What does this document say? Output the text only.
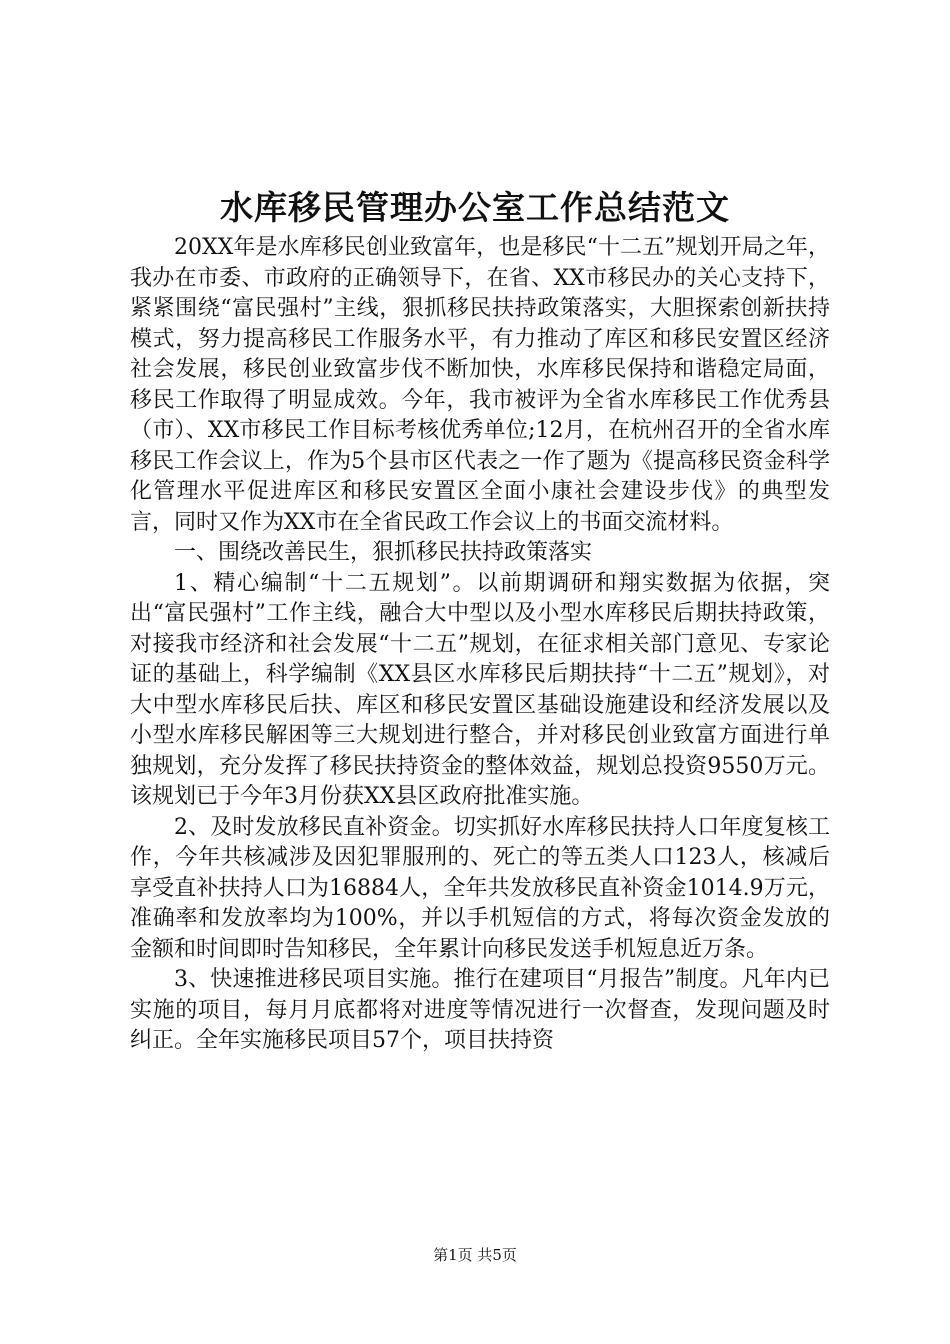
水库移民管理办公室工作总结范文

20XX年是水库移民创业致富年，也是移民“十二五”规划开局之年，我办在市委、市政府的正确领导下，在省、XX市移民办的关心支持下，紧紧围绕“富民强村”主线，狠抓移民扶持政策落实，大胆探索创新扶持模式，努力提高移民工作服务水平，有力推动了库区和移民安置区经济社会发展，移民创业致富步伐不断加快，水库移民保持和谐稳定局面，移民工作取得了明显成效。今年，我市被评为全省水库移民工作优秀县（市）、XX市移民工作目标考核优秀单位;12月，在杭州召开的全省水库移民工作会议上，作为5个县市区代表之一作了题为《提高移民资金科学化管理水平促进库区和移民安置区全面小康社会建设步伐》的典型发言，同时又作为XX市在全省民政工作会议上的书面交流材料。

一、围绕改善民生，狠抓移民扶持政策落实

1、精心编制“十二五规划”。以前期调研和翔实数据为依据，突出“富民强村”工作主线，融合大中型以及小型水库移民后期扶持政策，对接我市经济和社会发展“十二五”规划，在征求相关部门意见、专家论证的基础上，科学编制《XX县区水库移民后期扶持“十二五”规划》，对大中型水库移民后扶、库区和移民安置区基础设施建设和经济发展以及小型水库移民解困等三大规划进行整合，并对移民创业致富方面进行单独规划，充分发挥了移民扶持资金的整体效益，规划总投资9550万元。该规划已于今年3月份获XX县区政府批准实施。

2、及时发放移民直补资金。切实抓好水库移民扶持人口年度复核工作，今年共核减涉及因犯罪服刑的、死亡的等五类人口123人，核减后享受直补扶持人口为16884人，全年共发放移民直补资金1014.9万元，准确率和发放率均为100%，并以手机短信的方式，将每次资金发放的金额和时间即时告知移民，全年累计向移民发送手机短息近万条。

3、快速推进移民项目实施。推行在建项目“月报告”制度。凡年内已实施的项目，每月月底都将对进度等情况进行一次督查，发现问题及时纠正。全年实施移民项目57个，项目扶持资

第1页 共5页
